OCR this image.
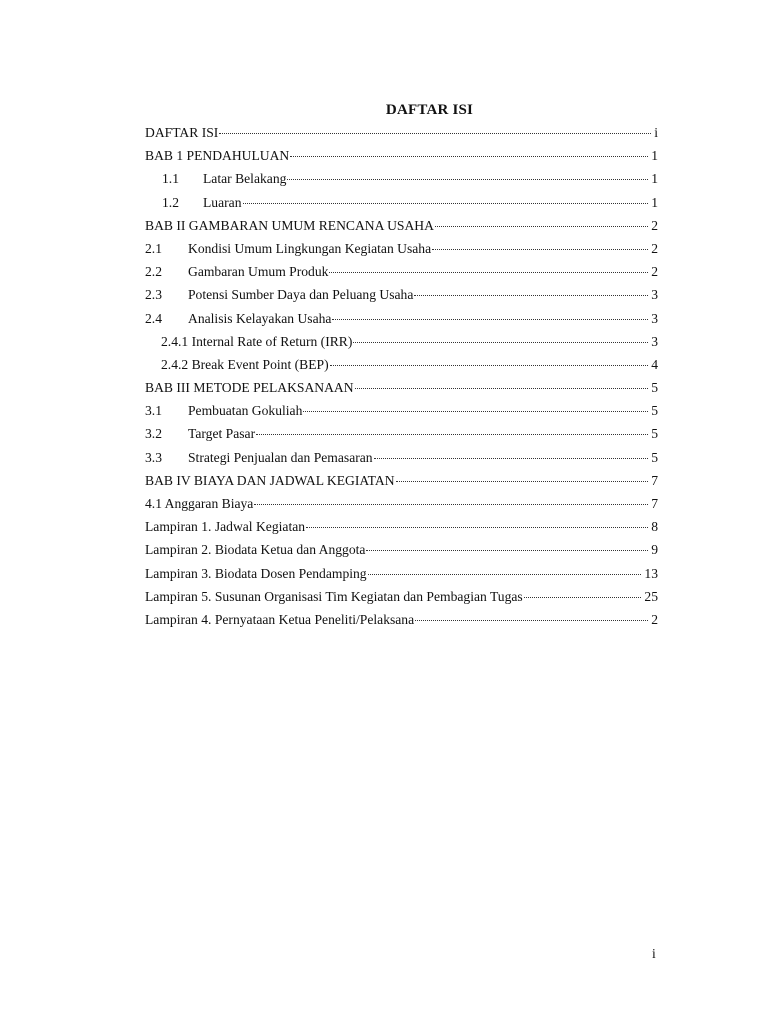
DAFTAR ISI
DAFTAR ISI	i
BAB 1 PENDAHULUAN	1
1.1	Latar Belakang	1
1.2	Luaran	1
BAB II GAMBARAN UMUM RENCANA USAHA	2
2.1	Kondisi Umum Lingkungan Kegiatan Usaha	2
2.2	Gambaran Umum Produk	2
2.3	Potensi Sumber Daya dan Peluang Usaha	3
2.4	Analisis Kelayakan Usaha	3
2.4.1 Internal Rate of Return (IRR)	3
2.4.2 Break Event Point (BEP)	4
BAB III METODE PELAKSANAAN	5
3.1	Pembuatan Gokuliah	5
3.2	Target Pasar	5
3.3	Strategi Penjualan dan Pemasaran	5
BAB IV BIAYA DAN JADWAL KEGIATAN	7
4.1 Anggaran Biaya	7
Lampiran 1. Jadwal Kegiatan	8
Lampiran 2. Biodata Ketua dan Anggota	9
Lampiran 3. Biodata Dosen Pendamping	13
Lampiran 5. Susunan Organisasi Tim Kegiatan dan Pembagian Tugas	25
Lampiran 4. Pernyataan Ketua Peneliti/Pelaksana	2
i
